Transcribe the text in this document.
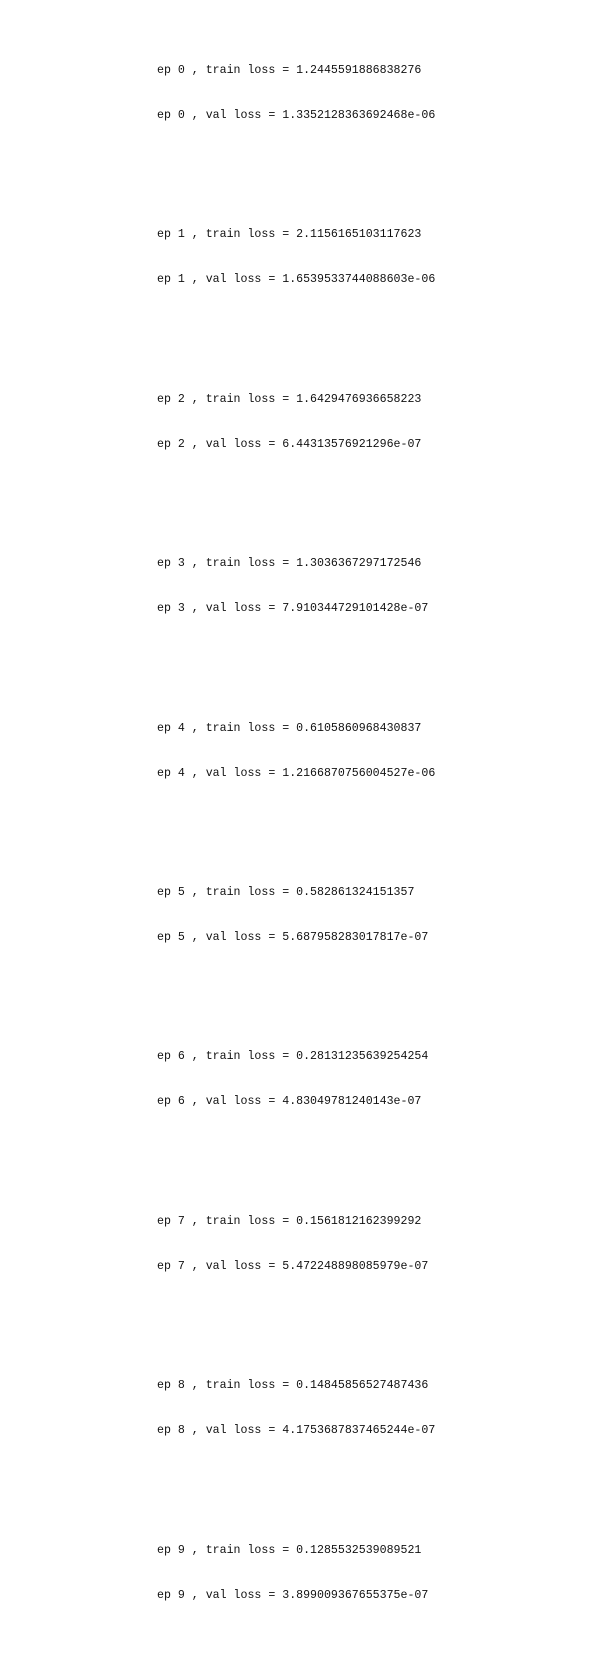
ep 0 , train loss = 1.2445591886838276

ep 0 , val loss = 1.3352128363692468e-06

ep 1 , train loss = 2.1156165103117623

ep 1 , val loss = 1.6539533744088603e-06

ep 2 , train loss = 1.6429476936658223

ep 2 , val loss = 6.44313576921296e-07

ep 3 , train loss = 1.3036367297172546

ep 3 , val loss = 7.910344729101428e-07

ep 4 , train loss = 0.6105860968430837

ep 4 , val loss = 1.2166870756004527e-06

ep 5 , train loss = 0.582861324151357

ep 5 , val loss = 5.687958283017817e-07

ep 6 , train loss = 0.28131235639254254

ep 6 , val loss = 4.83049781240143e-07

ep 7 , train loss = 0.1561812162399292

ep 7 , val loss = 5.472248898085979e-07

ep 8 , train loss = 0.14845856527487436

ep 8 , val loss = 4.1753687837465244e-07

ep 9 , train loss = 0.1285532539089521

ep 9 , val loss = 3.899009367655375e-07
